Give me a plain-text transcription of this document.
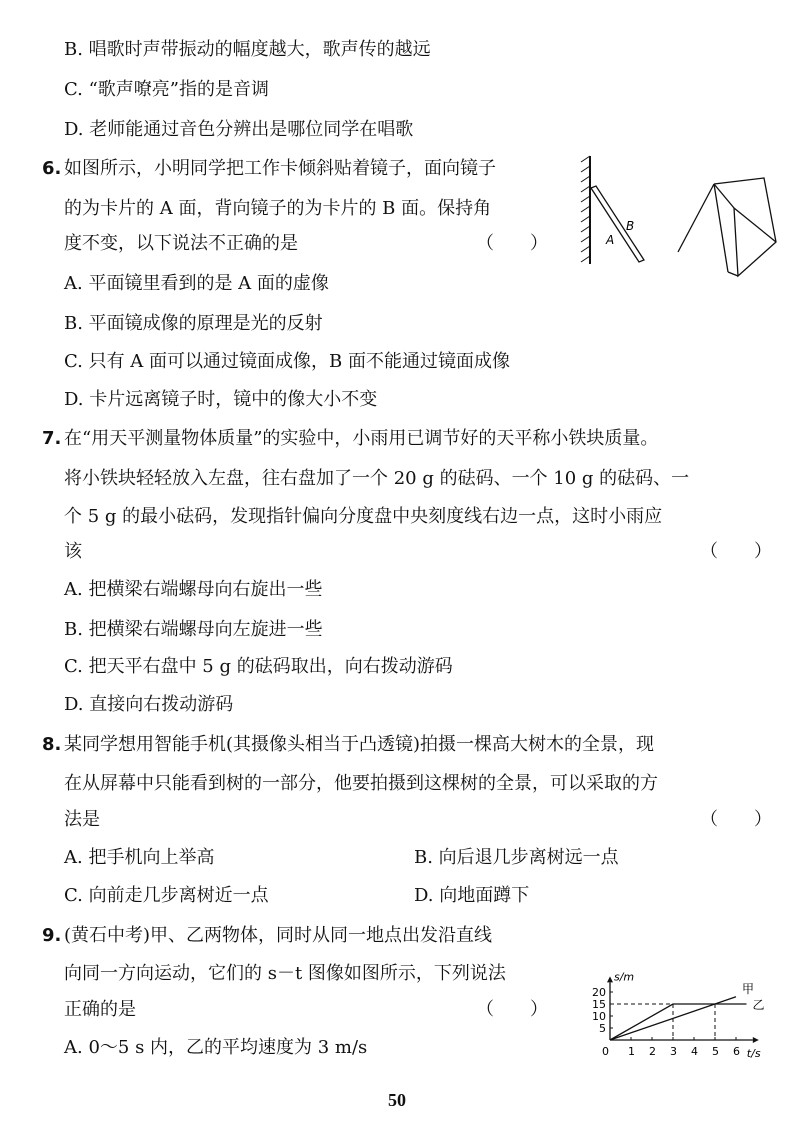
B. 唱歌时声带振动的幅度越大，歌声传的越远
C. “歌声嘹亮”指的是音调
D. 老师能通过音色分辨出是哪位同学在唱歌
6. 如图所示，小明同学把工作卡倾斜贴着镜子，面向镜子
的为卡片的 A 面，背向镜子的为卡片的 B 面。保持角
度不变，以下说法不正确的是	（　　）
A. 平面镜里看到的是 A 面的虚像
B. 平面镜成像的原理是光的反射
C. 只有 A 面可以通过镜面成像，B 面不能通过镜面成像
D. 卡片远离镜子时，镜中的像大小不变
A
B
7. 在“用天平测量物体质量”的实验中，小雨用已调节好的天平称小铁块质量。
将小铁块轻轻放入左盘，往右盘加了一个 20 g 的砝码、一个 10 g 的砝码、一
个 5 g 的最小砝码，发现指针偏向分度盘中央刻度线右边一点，这时小雨应
该	（　　）
A. 把横梁右端螺母向右旋出一些
B. 把横梁右端螺母向左旋进一些
C. 把天平右盘中 5 g 的砝码取出，向右拨动游码
D. 直接向右拨动游码
8. 某同学想用智能手机(其摄像头相当于凸透镜)拍摄一棵高大树木的全景，现
在从屏幕中只能看到树的一部分，他要拍摄到这棵树的全景，可以采取的方
法是	（　　）
A. 把手机向上举高	B. 向后退几步离树远一点
C. 向前走几步离树近一点	D. 向地面蹲下
9. (黄石中考)甲、乙两物体，同时从同一地点出发沿直线
向同一方向运动，它们的 s－t 图像如图所示，下列说法
正确的是	（　　）
A. 0～5 s 内，乙的平均速度为 3 m/s
s/m
t/s
0 1 2 3 4 5 6
5
10
15
20	甲
乙
50
